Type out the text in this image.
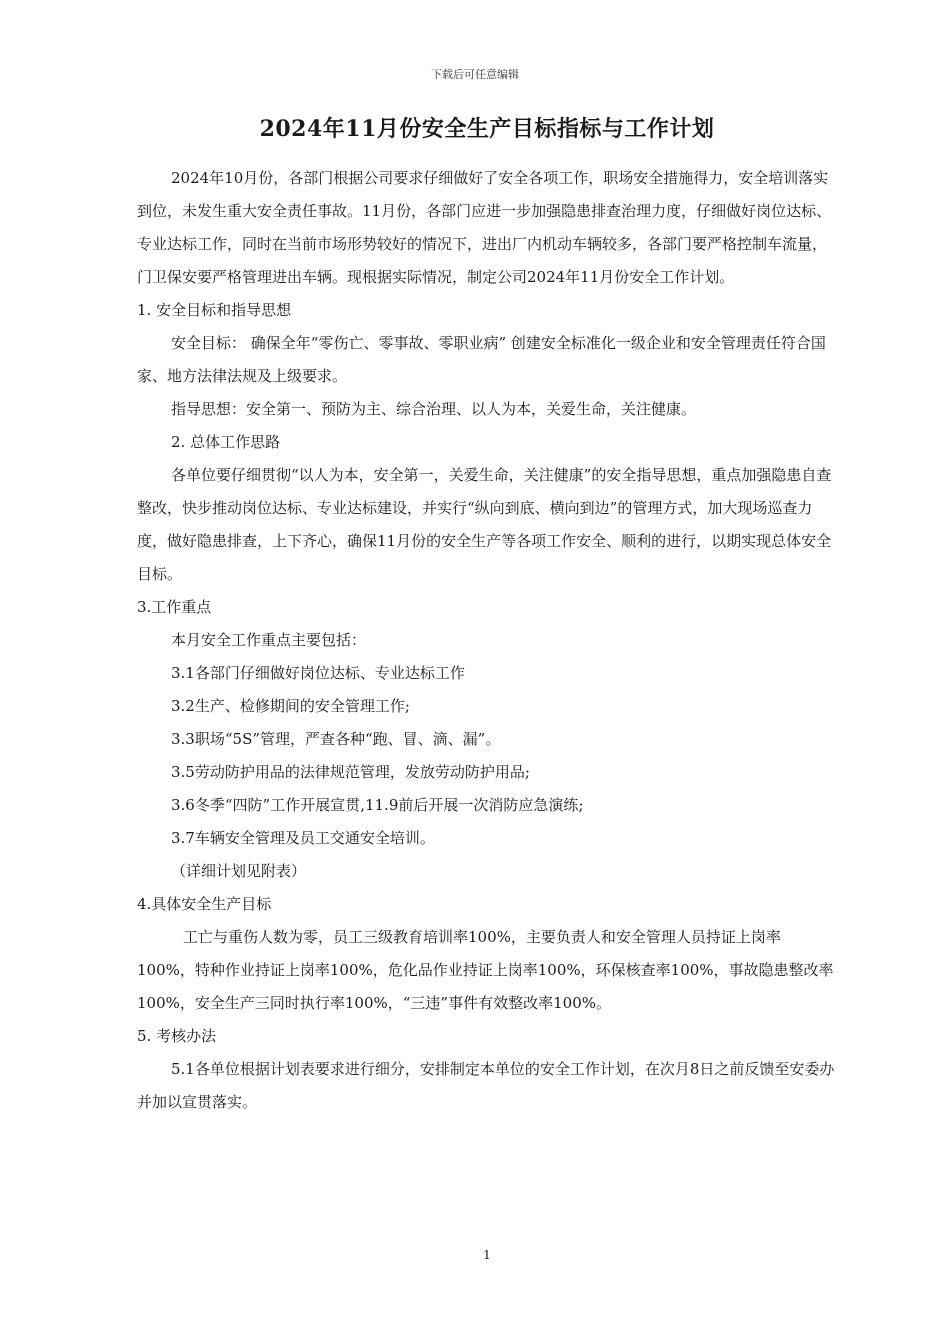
下载后可任意编辑
2024年11月份安全生产目标指标与工作计划

2024年10月份，各部门根据公司要求仔细做好了安全各项工作，职场安全措施得力，安全培训落实到位，未发生重大安全责任事故。11月份，各部门应进一步加强隐患排查治理力度，仔细做好岗位达标、专业达标工作，同时在当前市场形势较好的情况下，进出厂内机动车辆较多，各部门要严格控制车流量，门卫保安要严格管理进出车辆。现根据实际情况，制定公司2024年11月份安全工作计划。

1. 安全目标和指导思想

安全目标： 确保全年“零伤亡、零事故、零职业病” 创建安全标准化一级企业和安全管理责任符合国家、地方法律法规及上级要求。

指导思想：安全第一、预防为主、综合治理、以人为本，关爱生命，关注健康。

2. 总体工作思路

各单位要仔细贯彻“以人为本，安全第一，关爱生命，关注健康”的安全指导思想，重点加强隐患自查整改，快步推动岗位达标、专业达标建设，并实行“纵向到底、横向到边”的管理方式，加大现场巡查力度，做好隐患排查，上下齐心，确保11月份的安全生产等各项工作安全、顺利的进行，以期实现总体安全目标。

3.工作重点

本月安全工作重点主要包括：

3.1各部门仔细做好岗位达标、专业达标工作

3.2生产、检修期间的安全管理工作;

3.3职场“5S”管理，严查各种“跑、冒、滴、漏”。

3.5劳动防护用品的法律规范管理，发放劳动防护用品;

3.6冬季“四防”工作开展宣贯,11.9前后开展一次消防应急演练;

3.7车辆安全管理及员工交通安全培训。

（详细计划见附表）

4.具体安全生产目标

工亡与重伤人数为零，员工三级教育培训率100%，主要负责人和安全管理人员持证上岗率100%，特种作业持证上岗率100%，危化品作业持证上岗率100%，环保核查率100%，事故隐患整改率100%，安全生产三同时执行率100%，“三违”事件有效整改率100%。

5. 考核办法

5.1各单位根据计划表要求进行细分，安排制定本单位的安全工作计划，在次月8日之前反馈至安委办并加以宣贯落实。

1
